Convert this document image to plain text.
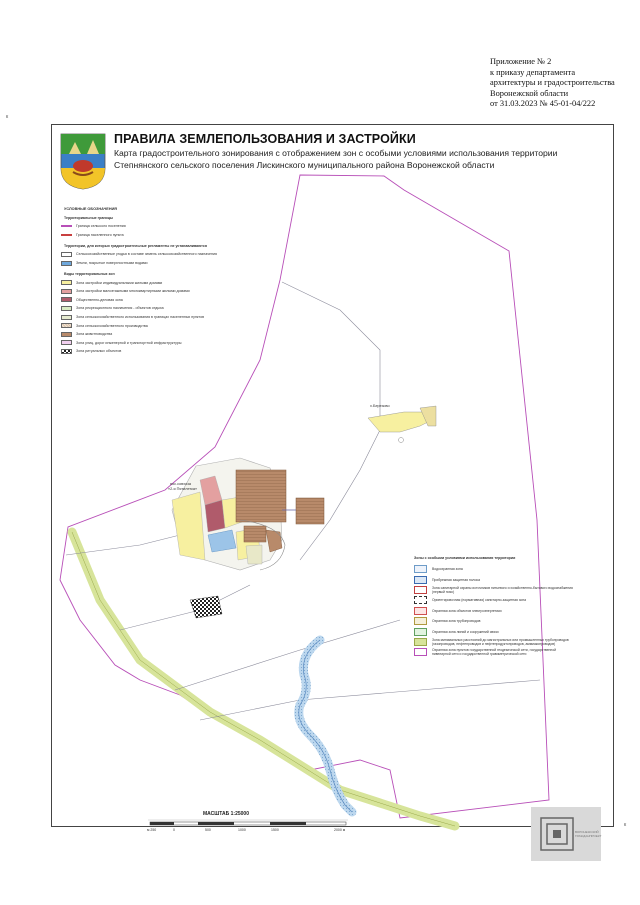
Приложение № 2
к приказу департамента
архитектуры и градостроительства
Воронежской области
от 31.03.2023 № 45-01-04/222
к
к
ПРАВИЛА ЗЕМЛЕПОЛЬЗОВАНИЯ И ЗАСТРОЙКИ
Карта градостроительного зонирования с отображением зон с особыми условиями использования территории
Степнянского сельского поселения Лискинского муниципального района Воронежской области
х.Березово
пос.совхоза
«2-я Пятилетка»
УСЛОВНЫЕ ОБОЗНАЧЕНИЯ
Территориальные границы
Граница сельского поселения
Граница населенного пункта
Территории, для которых градостроительные регламенты не устанавливаются
Сельскохозяйственные угодья в составе земель сельскохозяйственного назначения
Земли, покрытые поверхностными водами
Виды территориальных зон
Зона застройки индивидуальными жилыми домами
Зона застройки малоэтажными многоквартирными жилыми домами
Общественно-деловая зона
Зона рекреационного назначения - объектов отдыха
Зона сельскохозяйственного использования в границах населенных пунктов
Зона сельскохозяйственного производства
Зона животноводства
Зона улиц, дорог инженерной и транспортной инфраструктуры
Зона ритуальных объектов
Зоны с особыми условиями использования территории
Водоохранная зона
Прибрежная защитная полоса
Зона санитарной охраны источников питьевого и хозяйственно-бытового водоснабжения (первый пояс)
Ориентировочная (нормативная) санитарно-защитная зона
Охранная зона объектов электроэнергетики
Охранная зона трубопроводов
Охранная зона линий и сооружений связи
Зона минимальных расстояний до магистральных или промышленных трубопроводов (газопроводов, нефтепроводов и нефтепродуктопроводов, аммиакопроводов)
Охранная зона пунктов государственной геодезической сети, государственной нивелирной сети и государственной гравиметрической сети
МАСШТАБ 1:25000
м 250	0	500	1000	1500	2000 м	ВОРОНЕЖСКИЙ ГРАЖДАНПРОЕКТ
